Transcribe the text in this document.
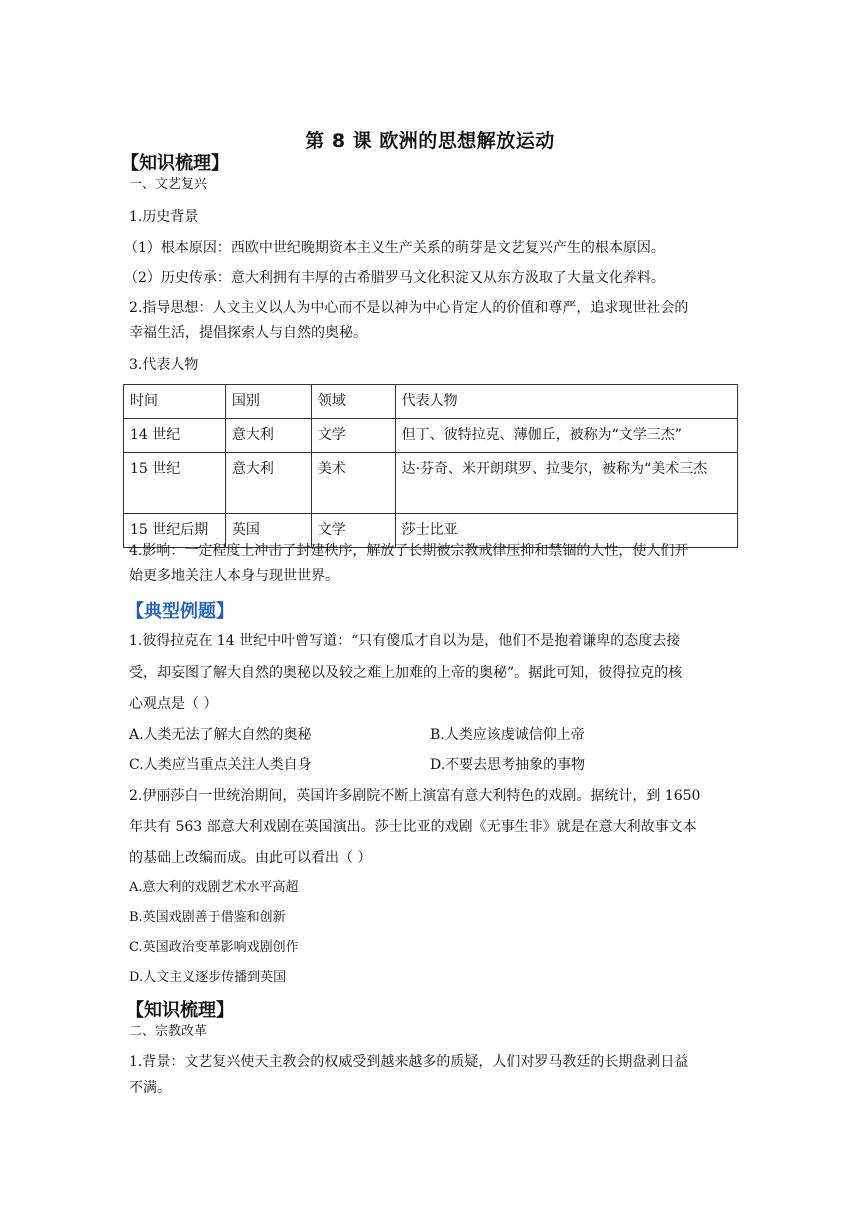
第 8 课 欧洲的思想解放运动
【知识梳理】
一、文艺复兴
1.历史背景
（1）根本原因：西欧中世纪晚期资本主义生产关系的萌芽是文艺复兴产生的根本原因。
（2）历史传承：意大利拥有丰厚的古希腊罗马文化积淀又从东方汲取了大量文化养料。
2.指导思想：人文主义以人为中心而不是以神为中心肯定人的价值和尊严，追求现世社会的
幸福生活，提倡探索人与自然的奥秘。
3.代表人物
时间	国别	领域	代表人物
14 世纪	意大利	文学	但丁、彼特拉克、薄伽丘，被称为“文学三杰”
15 世纪	意大利	美术	达·芬奇、米开朗琪罗、拉斐尔，被称为“美术三杰
15 世纪后期	英国	文学	莎士比亚
4.影响：一定程度上冲击了封建秩序，解放了长期被宗教戒律压抑和禁锢的人性，使人们开
始更多地关注人本身与现世世界。
【典型例题】
1.彼得拉克在 14 世纪中叶曾写道：“只有傻瓜才自以为是，他们不是抱着谦卑的态度去接
受，却妄图了解大自然的奥秘以及较之难上加难的上帝的奥秘”。据此可知，彼得拉克的核
心观点是（ ）
A.人类无法了解大自然的奥秘	B.人类应该虔诚信仰上帝
C.人类应当重点关注人类自身	D.不要去思考抽象的事物
2.伊丽莎白一世统治期间，英国许多剧院不断上演富有意大利特色的戏剧。据统计，到 1650
年共有 563 部意大利戏剧在英国演出。莎士比亚的戏剧《无事生非》就是在意大利故事文本
的基础上改编而成。由此可以看出（ ）
A.意大利的戏剧艺术水平高超
B.英国戏剧善于借鉴和创新
C.英国政治变革影响戏剧创作
D.人文主义逐步传播到英国
【知识梳理】
二、宗教改革
1.背景：文艺复兴使天主教会的权威受到越来越多的质疑，人们对罗马教廷的长期盘剥日益
不满。
